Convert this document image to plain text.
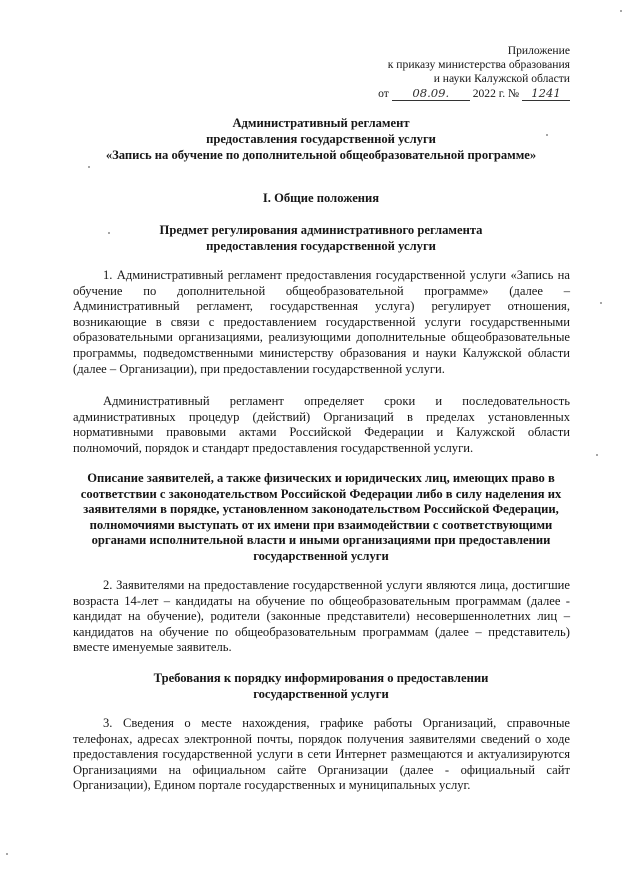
Приложение
к приказу министерства образования
и науки Калужской области
от 08.09. 2022 г. № 1241
Административный регламент
предоставления государственной услуги
«Запись на обучение по дополнительной общеобразовательной программе»
I. Общие положения
Предмет регулирования административного регламента
предоставления государственной услуги

1. Административный регламент предоставления государственной услуги «Запись на обучение по дополнительной общеобразовательной программе» (далее – Административный регламент, государственная услуга) регулирует отношения, возникающие в связи с предоставлением государственной услуги государственными образовательными организациями, реализующими дополнительные общеобразовательные программы, подведомственными министерству образования и науки Калужской области (далее – Организации), при предоставлении государственной услуги.

Административный регламент определяет сроки и последовательность административных процедур (действий) Организаций в пределах установленных нормативными правовыми актами Российской Федерации и Калужской области полномочий, порядок и стандарт предоставления государственной услуги.

Описание заявителей, а также физических и юридических лиц, имеющих право в соответствии с законодательством Российской Федерации либо в силу наделения их заявителями в порядке, установленном законодательством Российской Федерации, полномочиями выступать от их имени при взаимодействии с соответствующими органами исполнительной власти и иными организациями при предоставлении государственной услуги

2. Заявителями на предоставление государственной услуги являются лица, достигшие возраста 14-лет – кандидаты на обучение по общеобразовательным программам (далее - кандидат на обучение), родители (законные представители) несовершеннолетних лиц – кандидатов на обучение по общеобразовательным программам (далее – представитель) вместе именуемые заявитель.

Требования к порядку информирования о предоставлении
государственной услуги

3. Сведения о месте нахождения, графике работы Организаций, справочные телефонах, адресах электронной почты, порядок получения заявителями сведений о ходе предоставления государственной услуги в сети Интернет размещаются и актуализируются Организациями на официальном сайте Организации (далее - официальный сайт Организации), Едином портале государственных и муниципальных услуг.
